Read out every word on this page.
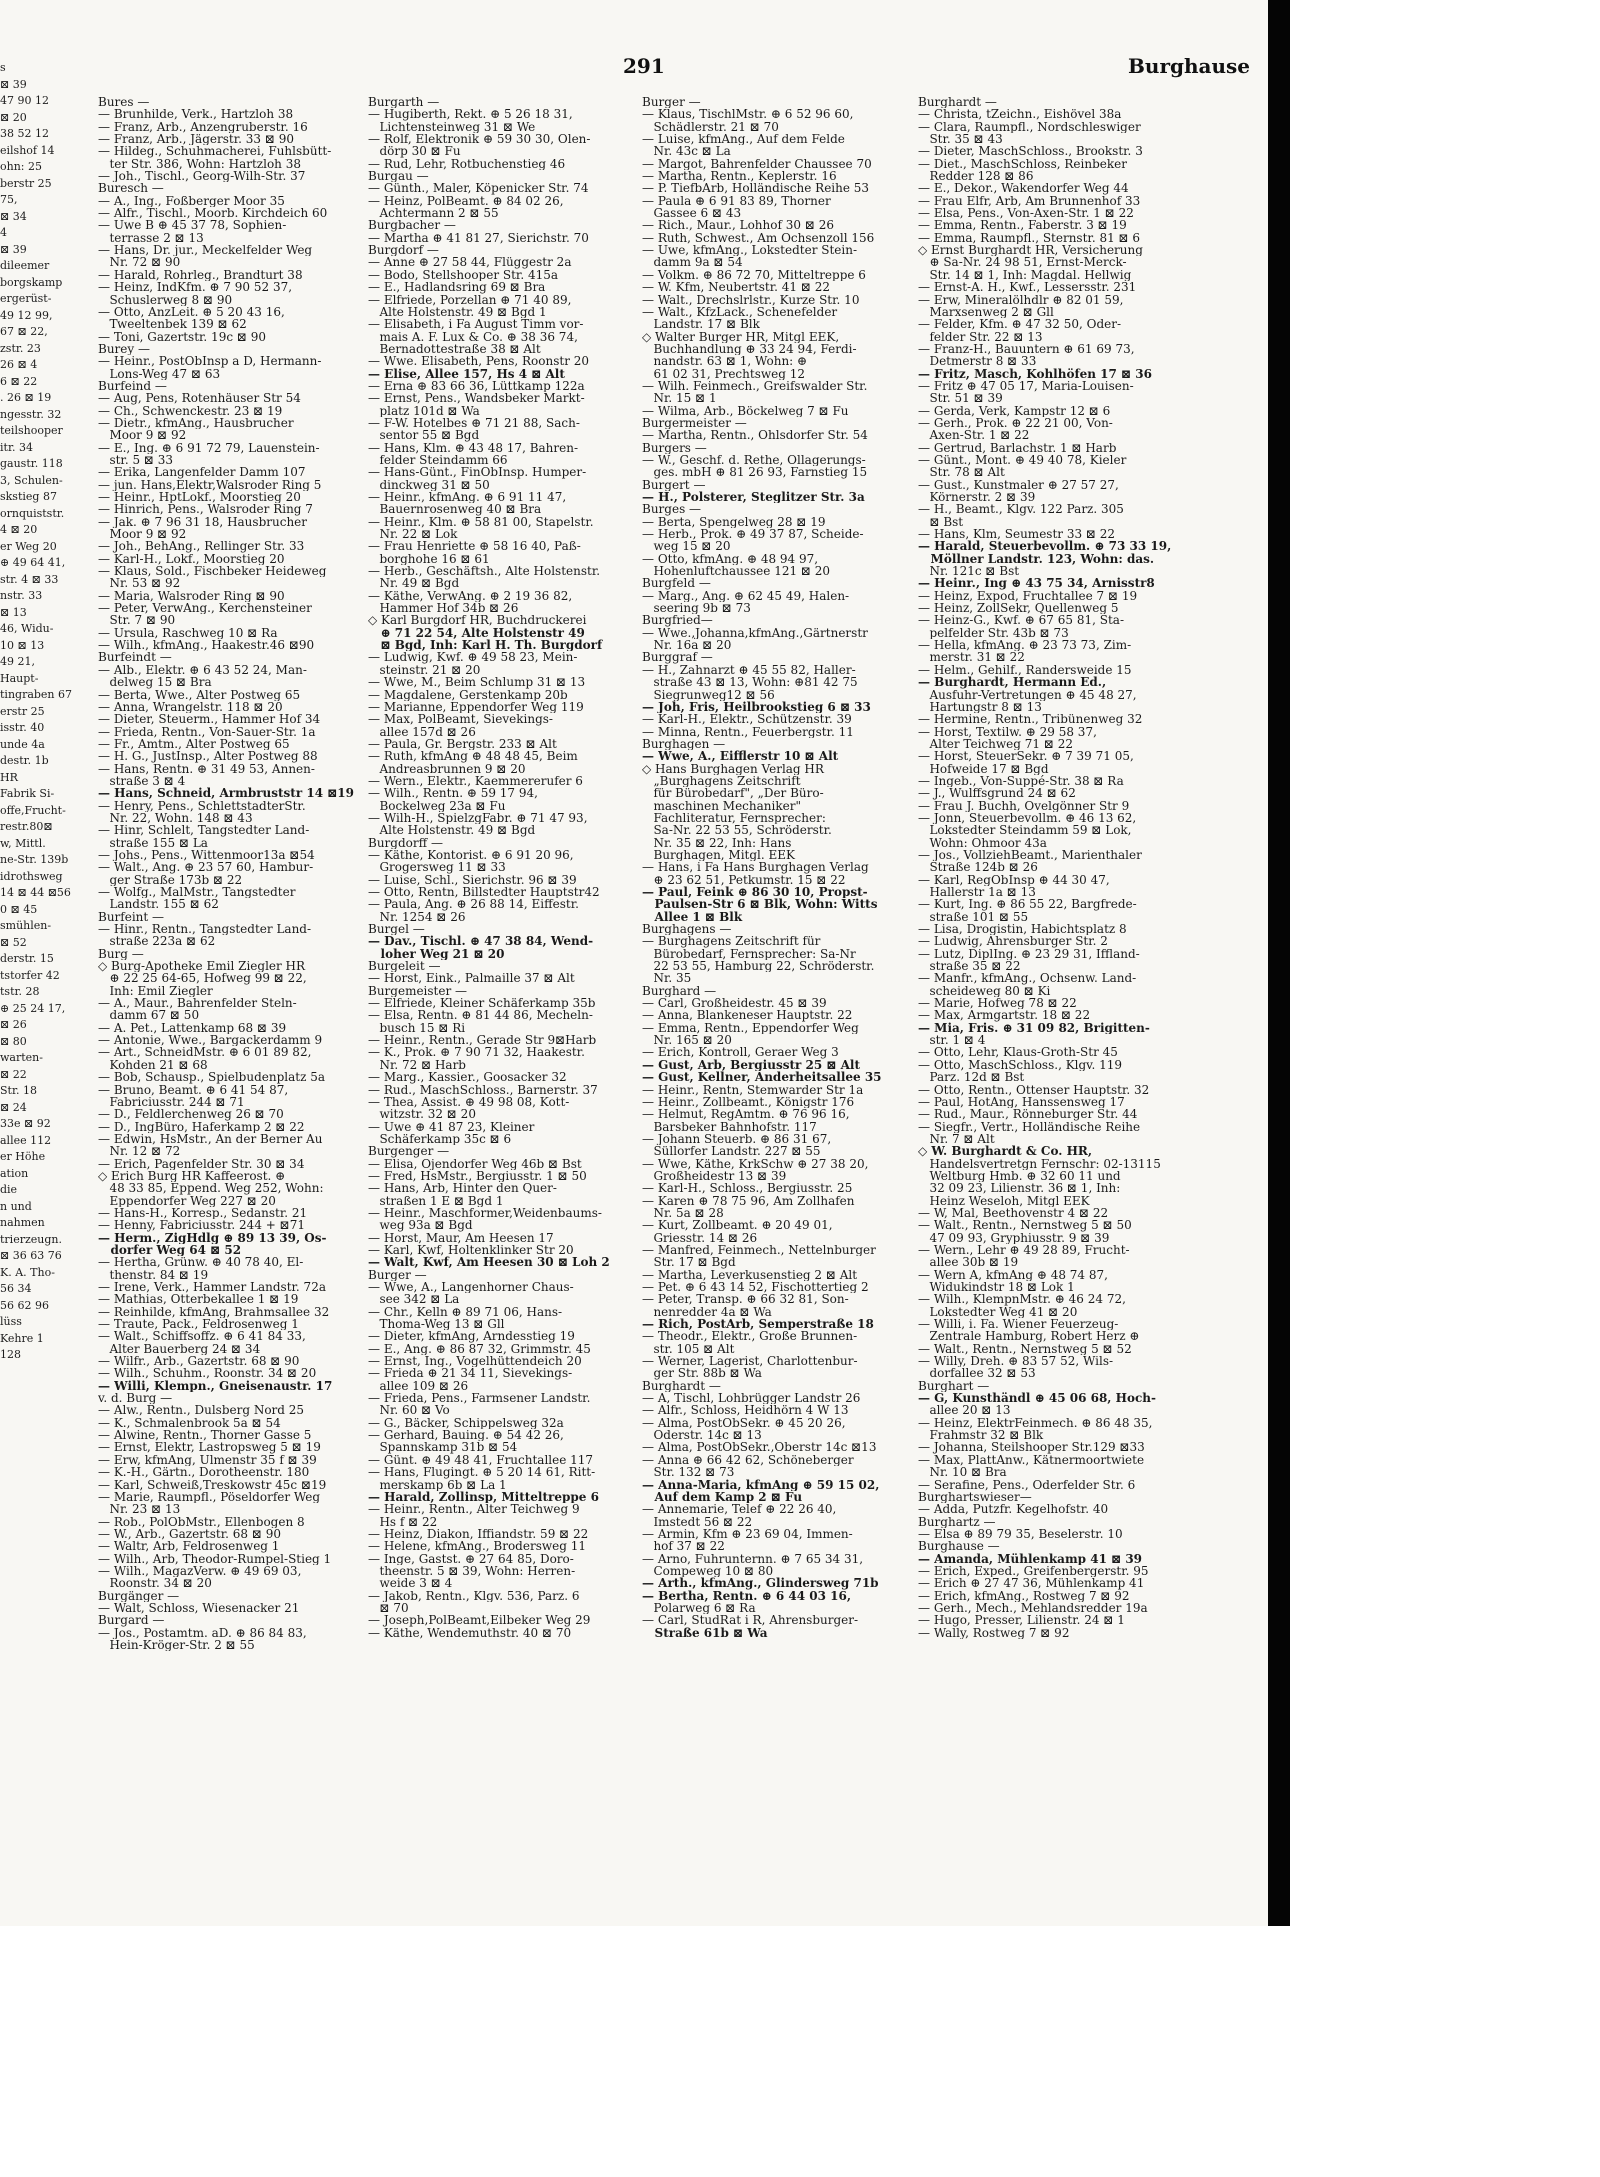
s
⊠ 39
47 90 12
⊠ 20
38 52 12
eilshof 14
ohn: 25
berstr 25
75,
⊠ 34
4
⊠ 39
dileemer
borgskamp
ergerüst-
49 12 99,
67 ⊠ 22,
zstr. 23
26 ⊠ 4
6 ⊠ 22
. 26 ⊠ 19
ngesstr. 32
teilshooper
itr. 34
gaustr. 118
3, Schulen-
skstieg 87
ornquiststr.
4 ⊠ 20
er Weg 20
⊕ 49 64 41,
str. 4 ⊠ 33
nstr. 33
⊠ 13
46, Widu-
10 ⊠ 13
49 21,
Haupt-
tingraben 67
erstr 25
isstr. 40
unde 4a
destr. 1b
HR
Fabrik Si-
offe,Frucht-
restr.80⊠
w, Mittl.
ne-Str. 139b
idrothsweg
14 ⊠ 44 ⊠56
0 ⊠ 45
smühlen-
⊠ 52
derstr. 15
tstorfer 42
tstr. 28
⊕ 25 24 17,
⊠ 26
⊠ 80
warten-
⊠ 22
Str. 18
⊠ 24
33e ⊠ 92
allee 112
er Höhe
ation
die
n und
nahmen
trierzeugn.
⊠ 36 63 76
K. A. Tho-
56 34
56 62 96
lüss
Kehre 1
128
291	Burghause
Bures —
— Brunhilde, Verk., Hartzloh 38
— Franz, Arb., Anzengruberstr. 16
— Franz, Arb., Jägerstr. 33 ⊠ 90
— Hildeg., Schuhmacherei, Fuhlsbütt-
ter Str. 386, Wohn: Hartzloh 38
— Joh., Tischl., Georg-Wilh-Str. 37
Buresch —
— A., Ing., Foßberger Moor 35
— Alfr., Tischl., Moorb. Kirchdeich 60
— Uwe B ⊕ 45 37 78, Sophien-
terrasse 2 ⊠ 13
— Hans, Dr. jur., Meckelfelder Weg
Nr. 72 ⊠ 90
— Harald, Rohrleg., Brandturt 38
— Heinz, IndKfm. ⊕ 7 90 52 37,
Schuslerweg 8 ⊠ 90
— Otto, AnzLeit. ⊕ 5 20 43 16,
Tweeltenbek 139 ⊠ 62
— Toni, Gazertstr. 19c ⊠ 90
Burey —
— Heinr., PostObInsp a D, Hermann-
Lons-Weg 47 ⊠ 63
Burfeind —
— Aug, Pens, Rotenhäuser Str 54
— Ch., Schwenckestr. 23 ⊠ 19
— Dietr., kfmAng., Hausbrucher
Moor 9 ⊠ 92
— E., Ing. ⊕ 6 91 72 79, Lauenstein-
str. 5 ⊠ 33
— Erika, Langenfelder Damm 107
— jun. Hans,Elektr,Walsroder Ring 5
— Heinr., HptLokf., Moorstieg 20
— Hinrich, Pens., Walsroder Ring 7
— Jak. ⊕ 7 96 31 18, Hausbrucher
Moor 9 ⊠ 92
— Joh., BehAng., Rellinger Str. 33
— Karl-H., Lokf., Moorstieg 20
— Klaus, Sold., Fischbeker Heideweg
Nr. 53 ⊠ 92
— Maria, Walsroder Ring ⊠ 90
— Peter, VerwAng., Kerchensteiner
Str. 7 ⊠ 90
— Ursula, Raschweg 10 ⊠ Ra
— Wilh., kfmAng., Haakestr.46 ⊠90
Burfeindt —
— Alb., Elektr. ⊕ 6 43 52 24, Man-
delweg 15 ⊠ Bra
— Berta, Wwe., Alter Postweg 65
— Anna, Wrangelstr. 118 ⊠ 20
— Dieter, Steuerm., Hammer Hof 34
— Frieda, Rentn., Von-Sauer-Str. 1a
— Fr., Amtm., Alter Postweg 65
— H. G., JustInsp., Alter Postweg 88
— Hans, Rentn. ⊕ 31 49 53, Annen-
straße 3 ⊠ 4
— Hans, Schneid, Armbruststr 14 ⊠19
— Henry, Pens., SchlettstadterStr.
Nr. 22, Wohn. 148 ⊠ 43
— Hinr, Schlelt, Tangstedter Land-
straße 155 ⊠ La
— Johs., Pens., Wittenmoor13a ⊠54
— Walt., Ang. ⊕ 23 57 60, Hambur-
ger Straße 173b ⊠ 22
— Wolfg., MalMstr., Tangstedter
Landstr. 155 ⊠ 62
Burfeint —
— Hinr., Rentn., Tangstedter Land-
straße 223a ⊠ 62
Burg —
◇ Burg-Apotheke Emil Ziegler HR
⊕ 22 25 64-65, Hofweg 99 ⊠ 22,
Inh: Emil Ziegler
— A., Maur., Bahrenfelder Steln-
damm 67 ⊠ 50
— A. Pet., Lattenkamp 68 ⊠ 39
— Antonie, Wwe., Bargackerdamm 9
— Art., SchneidMstr. ⊕ 6 01 89 82,
Kohden 21 ⊠ 68
— Bob, Schausp., Spielbudenplatz 5a
— Bruno, Beamt. ⊕ 6 41 54 87,
Fabriciusstr. 244 ⊠ 71
— D., Feldlerchenweg 26 ⊠ 70
— D., IngBüro, Haferkamp 2 ⊠ 22
— Edwin, HsMstr., An der Berner Au
Nr. 12 ⊠ 72
— Erich, Pagenfelder Str. 30 ⊠ 34
◇ Erich Burg HR Kaffeerost. ⊕
48 33 85, Eppend. Weg 252, Wohn:
Eppendorfer Weg 227 ⊠ 20
— Hans-H., Korresp., Sedanstr. 21
— Henny, Fabriciusstr. 244 + ⊠71
— Herm., ZigHdlg ⊕ 89 13 39, Os-
dorfer Weg 64 ⊠ 52
— Hertha, Grünw. ⊕ 40 78 40, El-
thenstr. 84 ⊠ 19
— Irene, Verk., Hammer Landstr. 72a
— Mathias, Otterbekallee 1 ⊠ 19
— Reinhilde, kfmAng, Brahmsallee 32
— Traute, Pack., Feldrosenweg 1
— Walt., Schiffsoffz. ⊕ 6 41 84 33,
Alter Bauerberg 24 ⊠ 34
— Wilfr., Arb., Gazertstr. 68 ⊠ 90
— Wilh., Schuhm., Roonstr. 34 ⊠ 20
— Willi, Klempn., Gneisenaustr. 17
v. d. Burg —
— Alw., Rentn., Dulsberg Nord 25
— K., Schmalenbrook 5a ⊠ 54
— Alwine, Rentn., Thorner Gasse 5
— Ernst, Elektr, Lastropsweg 5 ⊠ 19
— Erw, kfmAng, Ulmenstr 35 f ⊠ 39
— K.-H., Gärtn., Dorotheenstr. 180
— Karl, Schweiß,Treskowstr 45c ⊠19
— Marie, Raumpfl., Pöseldorfer Weg
Nr. 23 ⊠ 13
— Rob., PolObMstr., Ellenbogen 8
— W., Arb., Gazertstr. 68 ⊠ 90
— Waltr, Arb, Feldrosenweg 1
— Wilh., Arb, Theodor-Rumpel-Stieg 1
— Wilh., MagazVerw. ⊕ 49 69 03,
Roonstr. 34 ⊠ 20
Burgänger —
— Walt, Schloss, Wiesenacker 21
Burgard —
— Jos., Postamtm. aD. ⊕ 86 84 83,
Hein-Kröger-Str. 2 ⊠ 55
Burgarth —
— Hugiberth, Rekt. ⊕ 5 26 18 31,
Lichtensteinweg 31 ⊠ We
— Rolf, Elektronik ⊕ 59 30 30, Olen-
dörp 30 ⊠ Fu
— Rud, Lehr, Rotbuchenstieg 46
Burgau —
— Günth., Maler, Köpenicker Str. 74
— Heinz, PolBeamt. ⊕ 84 02 26,
Achtermann 2 ⊠ 55
Burgbacher —
— Martha ⊕ 41 81 27, Sierichstr. 70
Burgdorf —
— Anne ⊕ 27 58 44, Flüggestr 2a
— Bodo, Stellshooper Str. 415a
— E., Hadlandsring 69 ⊠ Bra
— Elfriede, Porzellan ⊕ 71 40 89,
Alte Holstenstr. 49 ⊠ Bgd 1
— Elisabeth, i Fa August Timm vor-
mais A. F. Lux & Co. ⊕ 38 36 74,
Bernadottestraße 38 ⊠ Alt
— Wwe. Elisabeth, Pens, Roonstr 20
— Elise, Allee 157, Hs 4 ⊠ Alt
— Erna ⊕ 83 66 36, Lüttkamp 122a
— Ernst, Pens., Wandsbeker Markt-
platz 101d ⊠ Wa
— F-W. Hotelbes ⊕ 71 21 88, Sach-
sentor 55 ⊠ Bgd
— Hans, Klm. ⊕ 43 48 17, Bahren-
felder Steindamm 66
— Hans-Günt., FinObInsp. Humper-
dinckweg 31 ⊠ 50
— Heinr., kfmAng. ⊕ 6 91 11 47,
Bauernrosenweg 40 ⊠ Bra
— Heinr., Klm. ⊕ 58 81 00, Stapelstr.
Nr. 22 ⊠ Lok
— Frau Henriette ⊕ 58 16 40, Paß-
borghohe 16 ⊠ 61
— Herb., Geschäftsh., Alte Holstenstr.
Nr. 49 ⊠ Bgd
— Käthe, VerwAng. ⊕ 2 19 36 82,
Hammer Hof 34b ⊠ 26
◇ Karl Burgdorf HR, Buchdruckerei
⊕ 71 22 54, Alte Holstenstr 49
⊠ Bgd, Inh: Karl H. Th. Burgdorf
— Ludwig, Kwf. ⊕ 49 58 23, Mein-
steinstr. 21 ⊠ 20
— Wwe, M., Beim Schlump 31 ⊠ 13
— Magdalene, Gerstenkamp 20b
— Marianne, Eppendorfer Weg 119
— Max, PolBeamt, Sievekings-
allee 157d ⊠ 26
— Paula, Gr. Bergstr. 233 ⊠ Alt
— Ruth, kfmAng ⊕ 48 48 45, Beim
Andreasbrunnen 9 ⊠ 20
— Wern., Elektr., Kaemmererufer 6
— Wilh., Rentn. ⊕ 59 17 94,
Bockelweg 23a ⊠ Fu
— Wilh-H., SpielzgFabr. ⊕ 71 47 93,
Alte Holstenstr. 49 ⊠ Bgd
Burgdorff —
— Käthe, Kontorist. ⊕ 6 91 20 96,
Grogersweg 11 ⊠ 33
— Luise, Schl., Sierichstr. 96 ⊠ 39
— Otto, Rentn, Billstedter Hauptstr42
— Paula, Ang. ⊕ 26 88 14, Eiffestr.
Nr. 1254 ⊠ 26
Burgel —
— Dav., Tischl. ⊕ 47 38 84, Wend-
loher Weg 21 ⊠ 20
Burgeleit —
— Horst, Eink., Palmaille 37 ⊠ Alt
Burgemeister —
— Elfriede, Kleiner Schäferkamp 35b
— Elsa, Rentn. ⊕ 81 44 86, Mecheln-
busch 15 ⊠ Ri
— Heinr., Rentn., Gerade Str 9⊠Harb
— K., Prok. ⊕ 7 90 71 32, Haakestr.
Nr. 72 ⊠ Harb
— Marg., Kassier., Goosacker 32
— Rud., MaschSchloss., Barnerstr. 37
— Thea, Assist. ⊕ 49 98 08, Kott-
witzstr. 32 ⊠ 20
— Uwe ⊕ 41 87 23, Kleiner
Schäferkamp 35c ⊠ 6
Burgenger —
— Elisa, Ojendorfer Weg 46b ⊠ Bst
— Fred, HsMstr., Bergiusstr. 1 ⊠ 50
— Hans, Arb, Hinter den Quer-
straßen 1 E ⊠ Bgd 1
— Heinr., Maschformer,Weidenbaums-
weg 93a ⊠ Bgd
— Horst, Maur, Am Heesen 17
— Karl, Kwf, Holtenklinker Str 20
— Walt, Kwf, Am Heesen 30 ⊠ Loh 2
Burger —
— Wwe, A., Langenhorner Chaus-
see 342 ⊠ La
— Chr., Kelln ⊕ 89 71 06, Hans-
Thoma-Weg 13 ⊠ Gll
— Dieter, kfmAng, Arndesstieg 19
— E., Ang. ⊕ 86 87 32, Grimmstr. 45
— Ernst, Ing., Vogelhüttendeich 20
— Frieda ⊕ 21 34 11, Sievekings-
allee 109 ⊠ 26
— Frieda, Pens., Farmsener Landstr.
Nr. 60 ⊠ Vo
— G., Bäcker, Schippelsweg 32a
— Gerhard, Bauing. ⊕ 54 42 26,
Spannskamp 31b ⊠ 54
— Günt. ⊕ 49 48 41, Fruchtallee 117
— Hans, Flugingt. ⊕ 5 20 14 61, Ritt-
merskamp 6b ⊠ La 1
— Harald, Zollinsp, Mitteltreppe 6
— Heinr., Rentn., Alter Teichweg 9
Hs f ⊠ 22
— Heinz, Diakon, Iffiandstr. 59 ⊠ 22
— Helene, kfmAng., Broderswеg 11
— Inge, Gastst. ⊕ 27 64 85, Doro-
theenstr. 5 ⊠ 39, Wohn: Herren-
weide 3 ⊠ 4
— Jakob, Rentn., Klgv. 536, Parz. 6
⊠ 70
— Joseph,PolBeamt,Eilbeker Weg 29
— Käthe, Wendemuthstr. 40 ⊠ 70
Burger —
— Klaus, TischlMstr. ⊕ 6 52 96 60,
Schädlerstr. 21 ⊠ 70
— Luise, kfmAng., Auf dem Felde
Nr. 43c ⊠ La
— Margot, Bahrenfelder Chaussee 70
— Martha, Rentn., Keplerstr. 16
— P. TiefbArb, Holländische Reihe 53
— Paula ⊕ 6 91 83 89, Thorner
Gassee 6 ⊠ 43
— Rich., Maur., Lohhof 30 ⊠ 26
— Ruth, Schwest., Am Ochsenzoll 156
— Uwe, kfmAng., Lokstedter Stein-
damm 9a ⊠ 54
— Volkm. ⊕ 86 72 70, Mitteltreppe 6
— W. Kfm, Neubertstr. 41 ⊠ 22
— Walt., Drechslrlstr., Kurze Str. 10
— Walt., KfzLack., Schenefelder
Landstr. 17 ⊠ Blk
◇ Walter Burger HR, Mitgl EEK,
Buchhandlung ⊕ 33 24 94, Ferdi-
nandstr. 63 ⊠ 1, Wohn: ⊕
61 02 31, Prechtsweg 12
— Wilh. Feinmech., Greifswalder Str.
Nr. 15 ⊠ 1
— Wilma, Arb., Böckelweg 7 ⊠ Fu
Burgermeister —
— Martha, Rentn., Ohlsdorfer Str. 54
Burgers —
— W., Geschf. d. Rethe, Ollagerungs-
ges. mbH ⊕ 81 26 93, Farnstieg 15
Burgert —
— H., Polsterer, Steglitzer Str. 3a
Burges —
— Berta, Spengelweg 28 ⊠ 19
— Herb., Prok. ⊕ 49 37 87, Scheide-
weg 15 ⊠ 20
— Otto, kfmAng. ⊕ 48 94 97,
Hohenluftchaussee 121 ⊠ 20
Burgfeld —
— Marg., Ang. ⊕ 62 45 49, Halen-
seering 9b ⊠ 73
Burgfried—
— Wwe.,Johanna,kfmAng.,Gärtnerstr
Nr. 16a ⊠ 20
Burggraf —
— H., Zahnarzt ⊕ 45 55 82, Haller-
straße 43 ⊠ 13, Wohn: ⊕81 42 75
Siegrunweg12 ⊠ 56
— Joh, Fris, Heilbrookstieg 6 ⊠ 33
— Karl-H., Elektr., Schützenstr. 39
— Minna, Rentn., Feuerbergstr. 11
Burghagen —
— Wwe, A., Eifflerstr 10 ⊠ Alt
◇ Hans Burghagen Verlag HR
„Burghagens Zeitschrift
für Bürobedarf", „Der Büro-
maschinen Mechaniker"
Fachliteratur, Fernsprecher:
Sa-Nr. 22 53 55, Schröderstr.
Nr. 35 ⊠ 22, Inh: Hans
Burghagen, Mitgl. EEK
— Hans, i Fa Hans Burghagen Verlag
⊕ 23 62 51, Petkumstr. 15 ⊠ 22
— Paul, Feink ⊕ 86 30 10, Propst-
Paulsen-Str 6 ⊠ Blk, Wohn: Witts
Allee 1 ⊠ Blk
Burghagens —
— Burghagens Zeitschrift für
Bürobedarf, Fernsprecher: Sa-Nr
22 53 55, Hamburg 22, Schröderstr.
Nr. 35
Burghard —
— Carl, Großheidestr. 45 ⊠ 39
— Anna, Blankeneser Hauptstr. 22
— Emma, Rentn., Eppendorfer Weg
Nr. 165 ⊠ 20
— Erich, Kontroll, Geraer Weg 3
— Gust, Arb, Bergiusstr 25 ⊠ Alt
— Gust, Kellner, Anderheitsallee 35
— Heinr., Rentn, Stemwarder Str 1a
— Heinr., Zollbeamt., Königstr 176
— Helmut, RegAmtm. ⊕ 76 96 16,
Barsbeker Bahnhofstr. 117
— Johann Steuerb. ⊕ 86 31 67,
Süllorfer Landstr. 227 ⊠ 55
— Wwe, Käthe, KrkSchw ⊕ 27 38 20,
Großheidestr 13 ⊠ 39
— Karl-H., Schloss., Bergiusstr. 25
— Karen ⊕ 78 75 96, Am Zollhafen
Nr. 5a ⊠ 28
— Kurt, Zollbeamt. ⊕ 20 49 01,
Griesstr. 14 ⊠ 26
— Manfred, Feinmech., Nettelnburger
Str. 17 ⊠ Bgd
— Martha, Leverkusenstieg 2 ⊠ Alt
— Pet. ⊕ 6 43 14 52, Fischottertieg 2
— Peter, Transp. ⊕ 66 32 81, Son-
nenredder 4a ⊠ Wa
— Rich, PostArb, Semperstraße 18
— Theodr., Elektr., Große Brunnen-
str. 105 ⊠ Alt
— Werner, Lagerist, Charlottenbur-
ger Str. 88b ⊠ Wa
Burghardt —
— A, Tischl, Lohbrügger Landstr 26
— Alfr., Schloss, Heidhörn 4 W 13
— Alma, PostObSekr. ⊕ 45 20 26,
Oderstr. 14c ⊠ 13
— Alma, PostObSekr.,Oberstr 14c ⊠13
— Anna ⊕ 66 42 62, Schöneberger
Str. 132 ⊠ 73
— Anna-Maria, kfmAng ⊕ 59 15 02,
Auf dem Kamp 2 ⊠ Fu
— Annemarie, Telef ⊕ 22 26 40,
Imstedt 56 ⊠ 22
— Armin, Kfm ⊕ 23 69 04, Immen-
hof 37 ⊠ 22
— Arno, Fuhrunternn. ⊕ 7 65 34 31,
Compeweg 10 ⊠ 80
— Arth., kfmAng., Glindersweg 71b
— Bertha, Rentn. ⊕ 6 44 03 16,
Polarweg 6 ⊠ Ra
— Carl, StudRat i R, Ahrensburger-
Straße 61b ⊠ Wa
Burghardt —
— Christa, tZeichn., Eishövel 38a
— Clara, Raumpfl., Nordschleswiger
Str. 35 ⊠ 43
— Dieter, MaschSchloss., Brookstr. 3
— Diet., MaschSchloss, Reinbeker
Redder 128 ⊠ 86
— E., Dekor., Wakendorfer Weg 44
— Frau Elfr, Arb, Am Brunnenhof 33
— Elsa, Pens., Von-Axen-Str. 1 ⊠ 22
— Emma, Rentn., Faberstr. 3 ⊠ 19
— Emma, Raumpfl., Sternstr. 81 ⊠ 6
◇ Ernst Burghardt HR, Versicherung
⊕ Sa-Nr. 24 98 51, Ernst-Merck-
Str. 14 ⊠ 1, Inh: Magdal. Hellwig
— Ernst-A. H., Kwf., Lessersstr. 231
— Erw, Mineralölhdlr ⊕ 82 01 59,
Marxsenweg 2 ⊠ Gll
— Felder, Kfm. ⊕ 47 32 50, Oder-
felder Str. 22 ⊠ 13
— Franz-H., Bauuntern ⊕ 61 69 73,
Detmerstr 8 ⊠ 33
— Fritz, Masch, Kohlhöfen 17 ⊠ 36
— Fritz ⊕ 47 05 17, Maria-Louisen-
Str. 51 ⊠ 39
— Gerda, Verk, Kampstr 12 ⊠ 6
— Gerh., Prok. ⊕ 22 21 00, Von-
Axen-Str. 1 ⊠ 22
— Gertrud, Barlachstr. 1 ⊠ Harb
— Günt., Mont. ⊕ 49 40 78, Kieler
Str. 78 ⊠ Alt
— Gust., Kunstmaler ⊕ 27 57 27,
Körnerstr. 2 ⊠ 39
— H., Beamt., Klgv. 122 Parz. 305
⊠ Bst
— Hans, Klm, Seumestr 33 ⊠ 22
— Harald, Steuerbevollm. ⊕ 73 33 19,
Möllner Landstr. 123, Wohn: das.
Nr. 121c ⊠ Bst
— Heinr., Ing ⊕ 43 75 34, Arnisstr8
— Heinz, Expod, Fruchtallee 7 ⊠ 19
— Heinz, ZollSekr, Quellenweg 5
— Heinz-G., Kwf. ⊕ 67 65 81, Sta-
pelfelder Str. 43b ⊠ 73
— Hella, kfmAng. ⊕ 23 73 73, Zim-
merstr. 31 ⊠ 22
— Helm., Gehilf., Randersweide 15
— Burghardt, Hermann Ed.,
Ausfuhr-Vertretungen ⊕ 45 48 27,
Hartungstr 8 ⊠ 13
— Hermine, Rentn., Tribünenweg 32
— Horst, Textilw. ⊕ 29 58 37,
Alter Teichweg 71 ⊠ 22
— Horst, SteuerSekr. ⊕ 7 39 71 05,
Hofweide 17 ⊠ Bgd
— Ingeb., Von-Suppé-Str. 38 ⊠ Ra
— J., Wulffsgrund 24 ⊠ 62
— Frau J. Buchh, Ovelgönner Str 9
— Jonn, Steuerbevollm. ⊕ 46 13 62,
Lokstedter Steindamm 59 ⊠ Lok,
Wohn: Ohmoor 43a
— Jos., VollziehBeamt., Marienthaler
Straße 124b ⊠ 26
— Karl, RegObInsp ⊕ 44 30 47,
Hallerstr 1a ⊠ 13
— Kurt, Ing. ⊕ 86 55 22, Bargfrede-
straße 101 ⊠ 55
— Lisa, Drogistin, Habichtsplatz 8
— Ludwig, Ahrensburger Str. 2
— Lutz, DiplIng. ⊕ 23 29 31, Iffland-
straße 35 ⊠ 22
— Manfr., kfmAng., Ochsenw. Land-
scheideweg 80 ⊠ Ki
— Marie, Hofweg 78 ⊠ 22
— Max, Armgartstr. 18 ⊠ 22
— Mia, Fris. ⊕ 31 09 82, Brigitten-
str. 1 ⊠ 4
— Otto, Lehr, Klaus-Groth-Str 45
— Otto, MaschSchloss., Klgv. 119
Parz. 12d ⊠ Bst
— Otto, Rentn., Ottenser Hauptstr. 32
— Paul, HotAng, Hanssensweg 17
— Rud., Maur., Rönneburger Str. 44
— Siegfr., Vertr., Holländische Reihe
Nr. 7 ⊠ Alt
◇ W. Burghardt & Co. HR,
Handelsvertretgn Fernschr: 02-13115
Weltburg Hmb. ⊕ 32 60 11 und
32 09 23, Lilienstr. 36 ⊠ 1, Inh:
Heinz Weseloh, Mitgl EEK
— W, Mal, Beethovenstr 4 ⊠ 22
— Walt., Rentn., Nernstweg 5 ⊠ 50
47 09 93, Gryphiusstr. 9 ⊠ 39
— Wern., Lehr ⊕ 49 28 89, Frucht-
allee 30b ⊠ 19
— Wern A, kfmAng ⊕ 48 74 87,
Widukindstr 18 ⊠ Lok 1
— Wilh., KlempnMstr. ⊕ 46 24 72,
Lokstedter Weg 41 ⊠ 20
— Willi, i. Fa. Wiener Feuerzeug-
Zentrale Hamburg, Robert Herz ⊕
— Walt., Rentn., Nernstweg 5 ⊠ 52
— Willy, Dreh. ⊕ 83 57 52, Wils-
dorfallee 32 ⊠ 53
Burghart —
— G, Kunsthändl ⊕ 45 06 68, Hoch-
allee 20 ⊠ 13
— Heinz, ElektrFeinmech. ⊕ 86 48 35,
Frahmstr 32 ⊠ Blk
— Johanna, Steilshooper Str.129 ⊠33
— Max, PlattAnw., Kätnermoortwiete
Nr. 10 ⊠ Bra
— Serafine, Pens., Oderfelder Str. 6
Burghartswieser—
— Adda, Putzfr. Kegelhofstr. 40
Burghartz —
— Elsa ⊕ 89 79 35, Beselerstr. 10
Burghause —
— Amanda, Mühlenkamp 41 ⊠ 39
— Erich, Exped., Greifenbergerstr. 95
— Erich ⊕ 27 47 36, Mühlenkamp 41
— Erich, kfmAng., Rostweg 7 ⊠ 92
— Gerh., Mech., Mehlandsredder 19a
— Hugo, Presser, Lilienstr. 24 ⊠ 1
— Wally, Rostweg 7 ⊠ 92
